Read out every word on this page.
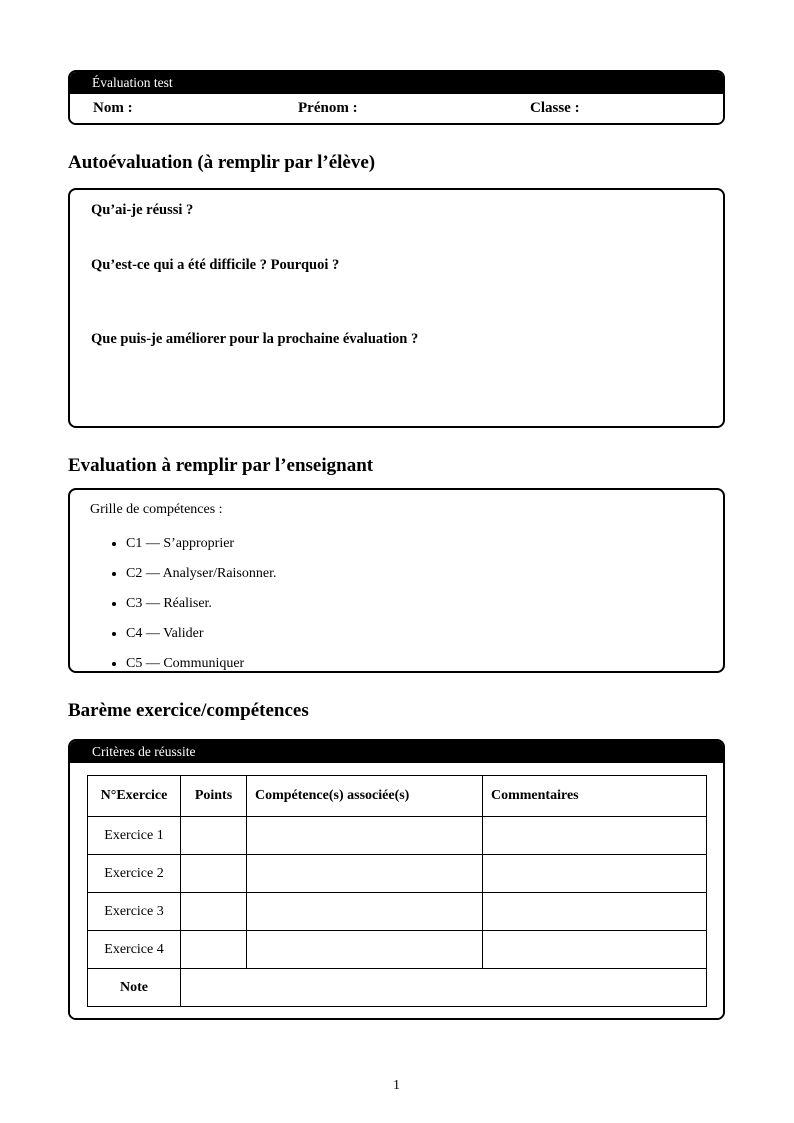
Évaluation test
Nom :	Prénom :	Classe :
Autoévaluation (à remplir par l’élève)

Qu’ai-je réussi ?

Qu’est-ce qui a été difficile ? Pourquoi ?

Que puis-je améliorer pour la prochaine évaluation ?

Evaluation à remplir par l’enseignant

Grille de compétences :

• C1 — S’approprier
• C2 — Analyser/Raisonner.
• C3 — Réaliser.
• C4 — Valider
• C5 — Communiquer
Barème exercice/compétences
Critères de réussite
N°Exercice	Points	Compétence(s) associée(s)	Commentaires
Exercice 1			
Exercice 2			
Exercice 3			
Exercice 4			
Note			
1
